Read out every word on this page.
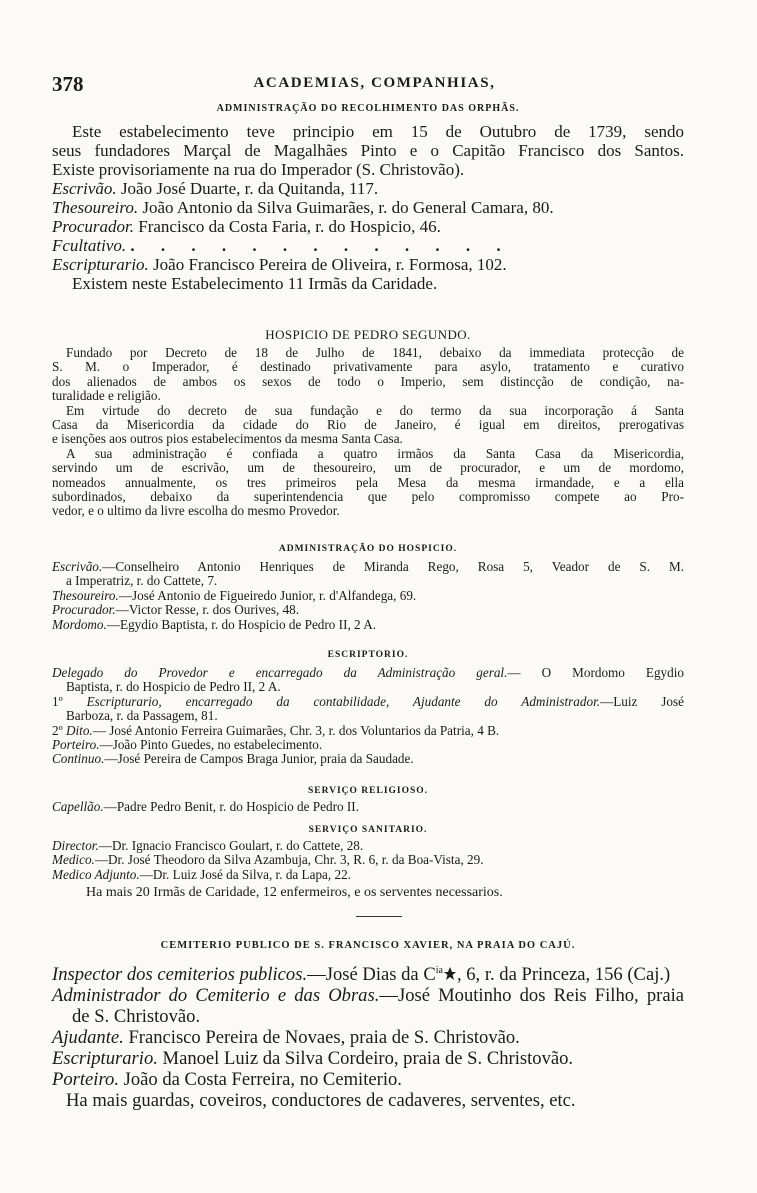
378	ACADEMIAS, COMPANHIAS,
ADMINISTRAÇÃO DO RECOLHIMENTO DAS ORPHÃS.
Este estabelecimento teve principio em 15 de Outubro de 1739, sendo
seus fundadores Marçal de Magalhães Pinto e o Capitão Francisco dos Santos.
Existe provisoriamente na rua do Imperador (S. Christovão).
Escrivão. João José Duarte, r. da Quitanda, 117.
Thesoureiro. João Antonio da Silva Guimarães, r. do General Camara, 80.
Procurador. Francisco da Costa Faria, r. do Hospicio, 46.
Fcultativo. . . . . . . . . . . . . .
Escripturario. João Francisco Pereira de Oliveira, r. Formosa, 102.
Existem neste Estabelecimento 11 Irmãs da Caridade.
HOSPICIO DE PEDRO SEGUNDO.
Fundado por Decreto de 18 de Julho de 1841, debaixo da immediata protecção de
S. M. o Imperador, é destinado privativamente para asylo, tratamento e curativo
dos alienados de ambos os sexos de todo o Imperio, sem distincção de condição, na-
turalidade e religião.
Em virtude do decreto de sua fundação e do termo da sua incorporação á Santa
Casa da Misericordia da cidade do Rio de Janeiro, é igual em direitos, prerogativas
e isenções aos outros pios estabelecimentos da mesma Santa Casa.
A sua administração é confiada a quatro irmãos da Santa Casa da Misericordia,
servindo um de escrivão, um de thesoureiro, um de procurador, e um de mordomo,
nomeados annualmente, os tres primeiros pela Mesa da mesma irmandade, e a ella
subordinados, debaixo da superintendencia que pelo compromisso compete ao Pro-
vedor, e o ultimo da livre escolha do mesmo Provedor.
ADMINISTRAÇÃO DO HOSPICIO.
Escrivão.—Conselheiro Antonio Henriques de Miranda Rego, Rosa 5, Veador de S. M.
a Imperatriz, r. do Cattete, 7.
Thesoureiro.—José Antonio de Figueiredo Junior, r. d'Alfandega, 69.
Procurador.—Victor Resse, r. dos Ourives, 48.
Mordomo.—Egydio Baptista, r. do Hospicio de Pedro II, 2 A.
ESCRIPTORIO.
Delegado do Provedor e encarregado da Administração geral.— O Mordomo Egydio
Baptista, r. do Hospicio de Pedro II, 2 A.
1º Escripturario, encarregado da contabilidade, Ajudante do Administrador.—Luiz José
Barboza, r. da Passagem, 81.
2º Dito.— José Antonio Ferreira Guimarães, Chr. 3, r. dos Voluntarios da Patria, 4 B.
Porteiro.—João Pinto Guedes, no estabelecimento.
Continuo.—José Pereira de Campos Braga Junior, praia da Saudade.
SERVIÇO RELIGIOSO.
Capellão.—Padre Pedro Benit, r. do Hospicio de Pedro II.
SERVIÇO SANITARIO.
Director.—Dr. Ignacio Francisco Goulart, r. do Cattete, 28.
Medico.—Dr. José Theodoro da Silva Azambuja, Chr. 3, R. 6, r. da Boa-Vista, 29.
Medico Adjunto.—Dr. Luiz José da Silva, r. da Lapa, 22.
Ha mais 20 Irmãs de Caridade, 12 enfermeiros, e os serventes necessarios.
CEMITERIO PUBLICO DE S. FRANCISCO XAVIER, NA PRAIA DO CAJÚ.
Inspector dos cemiterios publicos.—José Dias da $C^{ia}$ , 6, r. da Princeza, 156 (Caj.)
Administrador do Cemiterio e das Obras.—José Moutinho dos Reis Filho, praia
de S. Christovão.
Ajudante. Francisco Pereira de Novaes, praia de S. Christovão.
Escripturario. Manoel Luiz da Silva Cordeiro, praia de S. Christovão.
Porteiro. João da Costa Ferreira, no Cemiterio.
Ha mais guardas, coveiros, conductores de cadaveres, serventes, etc.
